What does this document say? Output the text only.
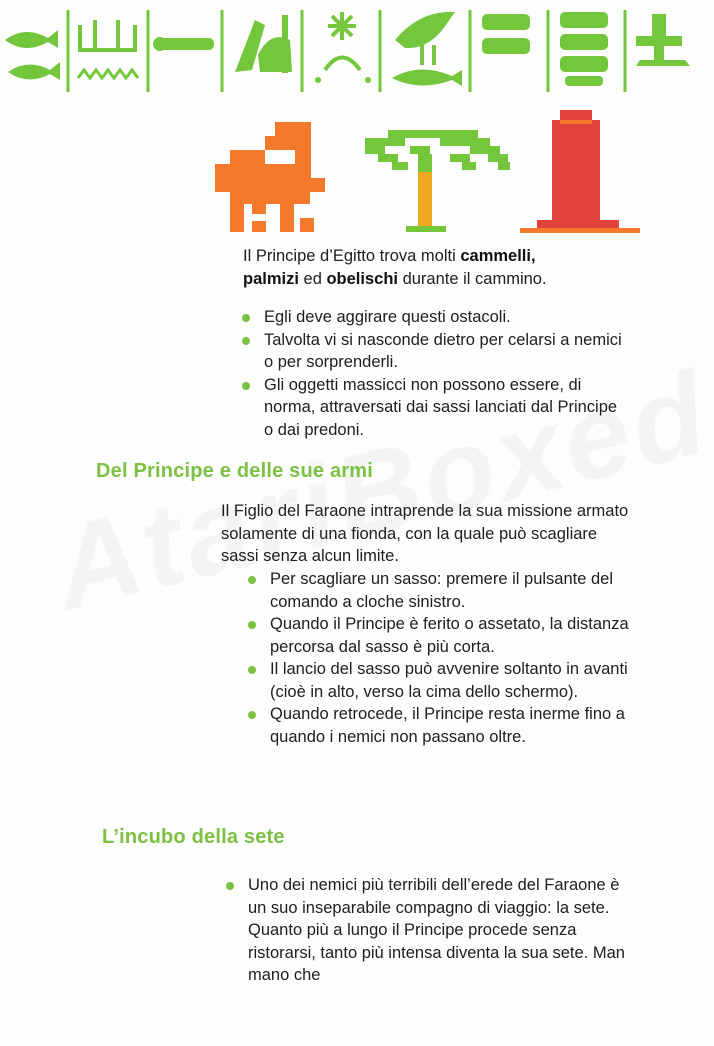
Il Principe d’Egitto trova molti cammelli,
palmizi ed obelischi durante il cammino.

Egli deve aggirare questi ostacoli.
Talvolta vi si nasconde dietro per celarsi a nemici o per sorprenderli.
Gli oggetti massicci non possono essere, di norma, attraversati dai sassi lanciati dal Principe o dai predoni.
Del Principe e delle sue armi

Il Figlio del Faraone intraprende la sua missione armato solamente di una fionda, con la quale può scagliare sassi senza alcun limite.

Per scagliare un sasso: premere il pulsante del comando a cloche sinistro.
Quando il Principe è ferito o assetato, la distanza percorsa dal sasso è più corta.
Il lancio del sasso può avvenire soltanto in avanti (cioè in alto, verso la cima dello schermo).
Quando retrocede, il Principe resta inerme fino a quando i nemici non passano oltre.
L’incubo della sete
Uno dei nemici più terribili dell’erede del Faraone è un suo inseparabile compagno di viaggio: la sete. Quanto più a lungo il Principe procede senza ristorarsi, tanto più intensa diventa la sua sete. Man mano che
